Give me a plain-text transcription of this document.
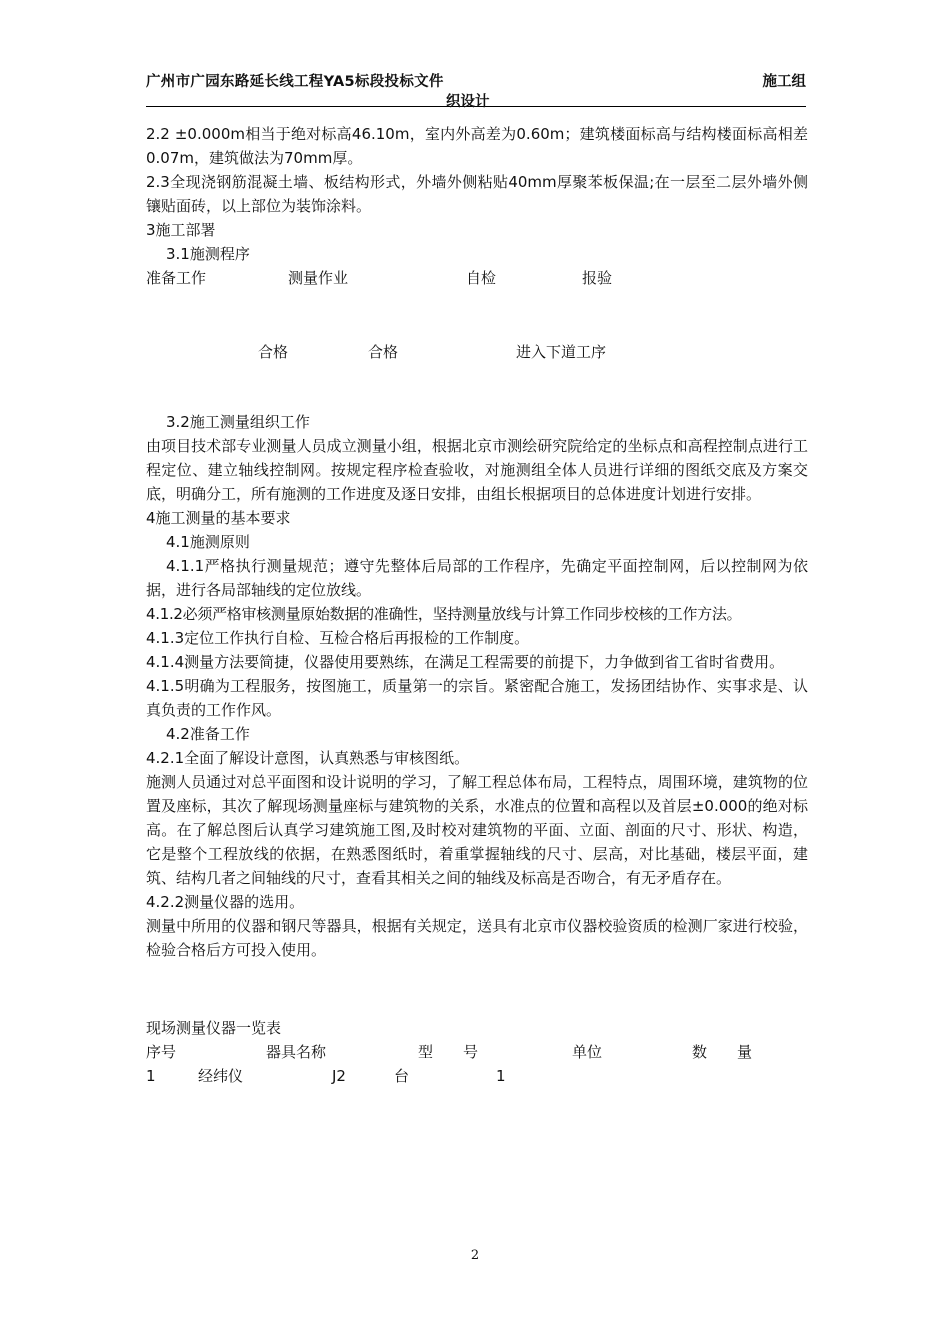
广州市广园东路延长线工程YA5标段投标文件	施工组
织设计

2.2 ±0.000m相当于绝对标高46.10m，室内外高差为0.60m；建筑楼面标高与结构楼面标高相差0.07m，建筑做法为70mm厚。

2.3全现浇钢筋混凝土墙、板结构形式，外墙外侧粘贴40mm厚聚苯板保温;在一层至二层外墙外侧镶贴面砖，以上部位为装饰涂料。

3施工部署

3.1施测程序

准备工作	测量作业	自检	报验
合格	合格	进入下道工序

3.2施工测量组织工作

由项目技术部专业测量人员成立测量小组，根据北京市测绘研究院给定的坐标点和高程控制点进行工程定位、建立轴线控制网。按规定程序检查验收，对施测组全体人员进行详细的图纸交底及方案交底，明确分工，所有施测的工作进度及逐日安排，由组长根据项目的总体进度计划进行安排。

4施工测量的基本要求

4.1施测原则

4.1.1严格执行测量规范；遵守先整体后局部的工作程序，先确定平面控制网，后以控制网为依据，进行各局部轴线的定位放线。

4.1.2必须严格审核测量原始数据的准确性，坚持测量放线与计算工作同步校核的工作方法。

4.1.3定位工作执行自检、互检合格后再报检的工作制度。

4.1.4测量方法要简捷，仪器使用要熟练，在满足工程需要的前提下，力争做到省工省时省费用。

4.1.5明确为工程服务，按图施工，质量第一的宗旨。紧密配合施工，发扬团结协作、实事求是、认真负责的工作作风。

4.2准备工作

4.2.1全面了解设计意图，认真熟悉与审核图纸。

施测人员通过对总平面图和设计说明的学习，了解工程总体布局，工程特点，周围环境，建筑物的位置及座标，其次了解现场测量座标与建筑物的关系，水准点的位置和高程以及首层±0.000的绝对标高。在了解总图后认真学习建筑施工图,及时校对建筑物的平面、立面、剖面的尺寸、形状、构造，它是整个工程放线的依据，在熟悉图纸时，着重掌握轴线的尺寸、层高，对比基础，楼层平面，建筑、结构几者之间轴线的尺寸，查看其相关之间的轴线及标高是否吻合，有无矛盾存在。

4.2.2测量仪器的选用。

测量中所用的仪器和钢尺等器具，根据有关规定，送具有北京市仪器校验资质的检测厂家进行校验，检验合格后方可投入使用。

现场测量仪器一览表

序号	器具名称	型　　号	单位	数　　量
1	经纬仪	J2	台	1
2
